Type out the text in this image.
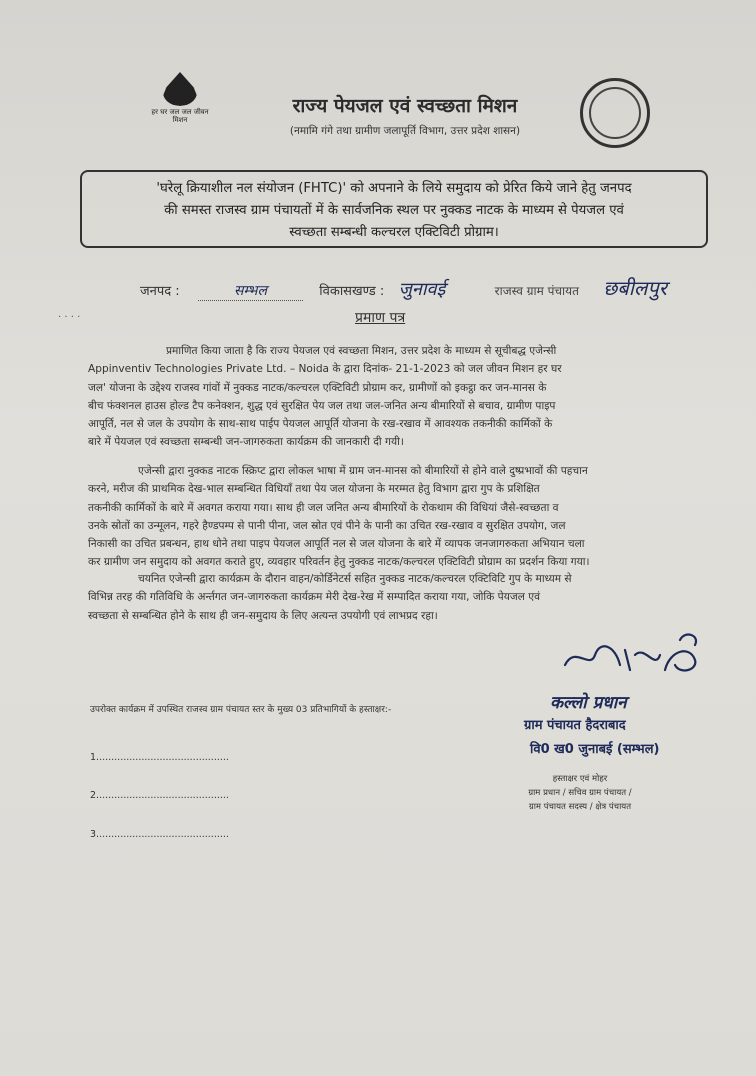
हर घर जल जल जीवन मिशन
राज्य पेयजल एवं स्वच्छता मिशन
(नमामि गंगे तथा ग्रामीण जलापूर्ति विभाग, उत्तर प्रदेश शासन)
'घरेलू क्रियाशील नल संयोजन (FHTC)' को अपनाने के लिये समुदाय को प्रेरित किये जाने हेतु जनपद
की समस्त राजस्व ग्राम पंचायतों में के सार्वजनिक स्थल पर नुक्कड नाटक के माध्यम से पेयजल एवं
स्वच्छता सम्बन्धी कल्चरल एक्टिविटी प्रोग्राम।
जनपद :	सम्भल	विकासखण्ड : जुनावई	राजस्व ग्राम पंचायत छबीलपुर
· · · ·	प्रमाण पत्र
प्रमाणित किया जाता है कि राज्य पेयजल एवं स्वच्छता मिशन, उत्तर प्रदेश के माध्यम से सूचीबद्ध एजेन्सी
Appinventiv Technologies Private Ltd. – Noida के द्वारा दिनांक- 21-1-2023 को जल जीवन मिशन हर घर
जल' योजना के उद्देश्य राजस्व गांवों में नुक्कड नाटक/कल्चरल एक्टिविटी प्रोग्राम कर, ग्रामीणों को इकट्ठा कर जन-मानस के
बीच फंक्शनल हाउस होल्ड टैप कनेक्शन, शुद्ध एवं सुरक्षित पेय जल तथा जल-जनित अन्य बीमारियों से बचाव, ग्रामीण पाइप
आपूर्ति, नल से जल के उपयोग के साथ-साथ पाईप पेयजल आपूर्ति योजना के रख-रखाव में आवश्यक तकनीकी कार्मिकों के
बारे में पेयजल एवं स्वच्छता सम्बन्धी जन-जागरुकता कार्यक्रम की जानकारी दी गयी।
एजेन्सी द्वारा नुक्कड नाटक स्क्रिप्ट द्वारा लोकल भाषा में ग्राम जन-मानस को बीमारियों से होने वाले दुष्प्रभावों की पहचान
करने, मरीज की प्राथमिक देख-भाल सम्बन्धित विधियाँ तथा पेय जल योजना के मरम्मत हेतु विभाग द्वारा गुप के प्रशिक्षित
तकनीकी कार्मिकों के बारे में अवगत कराया गया। साथ ही जल जनित अन्य बीमारियों के रोकथाम की विधियां जैसे-स्वच्छता व
उनके स्रोतों का उन्मूलन, गहरे हैण्डपम्प से पानी पीना, जल स्रोत एवं पीने के पानी का उचित रख-रखाव व सुरक्षित उपयोग, जल
निकासी का उचित प्रबन्धन, हाथ धोने तथा पाइप पेयजल आपूर्ति नल से जल योजना के बारे में व्यापक जनजागरुकता अभियान चला
कर ग्रामीण जन समुदाय को अवगत कराते हुए, व्यवहार परिवर्तन हेतु नुक्कड नाटक/कल्चरल एक्टिविटी प्रोग्राम का प्रदर्शन किया गया।
चयनित एजेन्सी द्वारा कार्यक्रम के दौरान वाहन/कोर्डिनेटर्स सहित नुक्कड नाटक/कल्चरल एक्टिविटि गुप के माध्यम से
विभिन्न तरह की गतिविधि के अर्न्तगत जन-जागरुकता कार्यक्रम मेरी देख-रेख में सम्पादित कराया गया, जोकि पेयजल एवं
स्वच्छता से सम्बन्धित होने के साथ ही जन-समुदाय के लिए अत्यन्त उपयोगी एवं लाभप्रद रहा।
कल्लो प्रधान
ग्राम पंचायत हैदराबाद
वि0 ख0 जुनाबई (सम्भल)
उपरोक्त कार्यक्रम में उपस्थित राजस्व ग्राम पंचायत स्तर के मुख्य 03 प्रतिभागियों के हस्ताक्षर:-
1............................................
2............................................
3............................................
हस्ताक्षर एवं मोहर
ग्राम प्रधान / सचिव ग्राम पंचायत /
ग्राम पंचायत सदस्य / क्षेत्र पंचायत
